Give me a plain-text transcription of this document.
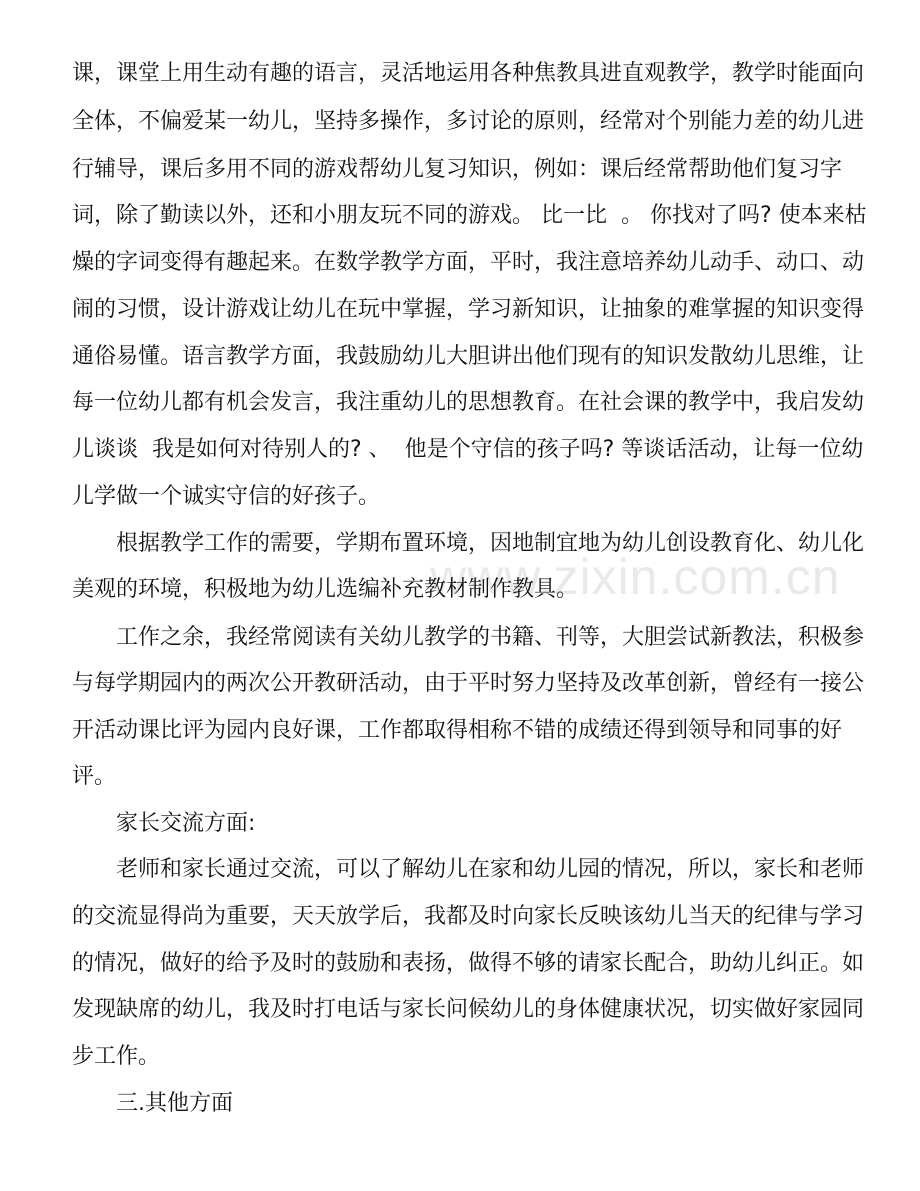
www.zixin.com.cn
课，课堂上用生动有趣的语言，灵活地运用各种焦教具进直观教学，教学时能面向
全体，不偏爱某一幼儿，坚持多操作，多讨论的原则，经常对个别能力差的幼儿进
行辅导，课后多用不同的游戏帮幼儿复习知识，例如：课后经常帮助他们复习字
词，除了勤读以外，还和小朋友玩不同的游戏。 比一比  。 你找对了吗? 使本来枯
燥的字词变得有趣起来。在数学教学方面，平时，我注意培养幼儿动手、动口、动
闹的习惯，设计游戏让幼儿在玩中掌握，学习新知识，让抽象的难掌握的知识变得
通俗易懂。语言教学方面，我鼓励幼儿大胆讲出他们现有的知识发散幼儿思维，让
每一位幼儿都有机会发言，我注重幼儿的思想教育。在社会课的教学中，我启发幼
儿谈谈  我是如何对待别人的? 、  他是个守信的孩子吗? 等谈话活动，让每一位幼
儿学做一个诚实守信的好孩子。
根据教学工作的需要，学期布置环境，因地制宜地为幼儿创设教育化、幼儿化
美观的环境，积极地为幼儿选编补充教材制作教具。
工作之余，我经常阅读有关幼儿教学的书籍、刊等，大胆尝试新教法，积极参
与每学期园内的两次公开教研活动，由于平时努力坚持及改革创新，曾经有一接公
开活动课比评为园内良好课，工作都取得相称不错的成绩还得到领导和同事的好
评。
家长交流方面:
老师和家长通过交流，可以了解幼儿在家和幼儿园的情况，所以，家长和老师
的交流显得尚为重要，天天放学后，我都及时向家长反映该幼儿当天的纪律与学习
的情况，做好的给予及时的鼓励和表扬，做得不够的请家长配合，助幼儿纠正。如
发现缺席的幼儿，我及时打电话与家长问候幼儿的身体健康状况，切实做好家园同
步工作。
三.其他方面
